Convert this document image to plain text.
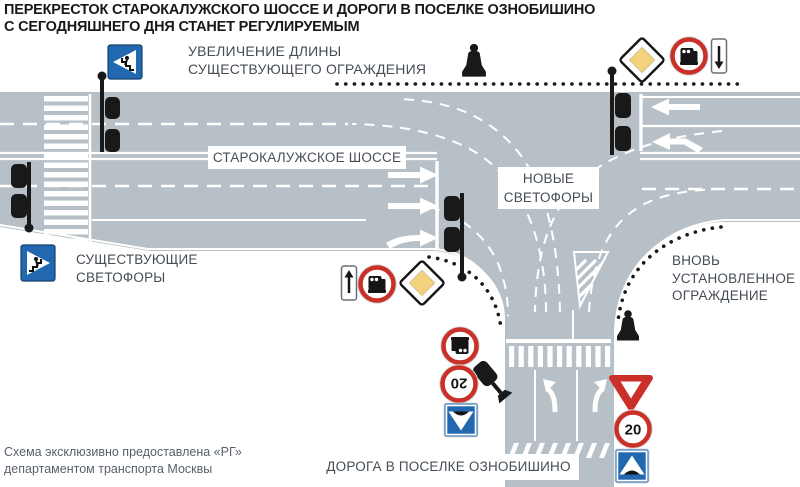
20
20
ПЕРЕКРЕСТОК СТАРОКАЛУЖСКОГО ШОССЕ И ДОРОГИ В ПОСЕЛКЕ ОЗНОБИШИНО
С СЕГОДНЯШНЕГО ДНЯ СТАНЕТ РЕГУЛИРУЕМЫМ
УВЕЛИЧЕНИЕ ДЛИНЫ
СУЩЕСТВУЮЩЕГО ОГРАЖДЕНИЯ
СТАРОКАЛУЖСКОЕ ШОССЕ
НОВЫЕ
СВЕТОФОРЫ
СУЩЕСТВУЮЩИЕ
СВЕТОФОРЫ
ВНОВЬ
УСТАНОВЛЕННОЕ
ОГРАЖДЕНИЕ
ДОРОГА В ПОСЕЛКЕ ОЗНОБИШИНО
Схема эксклюзивно предоставлена «РГ»
департаментом транспорта Москвы
